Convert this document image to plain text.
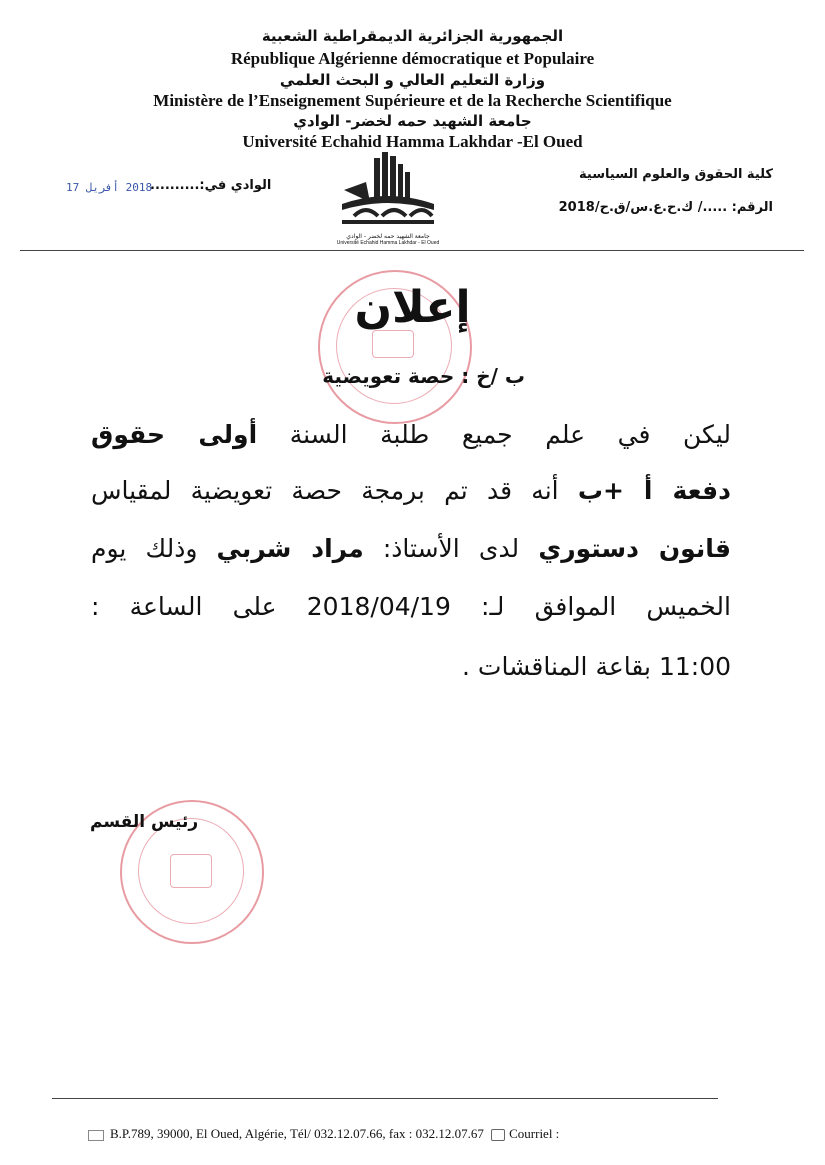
الجمهورية الجزائرية الديمقراطية الشعبية
République Algérienne démocratique et Populaire
وزارة التعليم العالي و البحث العلمي
Ministère de l’Enseignement Supérieure et de la Recherche Scientifique
جامعة الشهيد حمه لخضر- الوادي
Université Echahid Hamma Lakhdar -El Oued
كلية الحقوق والعلوم السياسية
الرقم: ...../ ك.ح.ع.س/ق.ح/2018
الوادي في:..........
2018 أفريل 17
جامعة الشهيد حمه لخضر - الوادي
Université Echahid Hamma Lakhdar - El Oued
إعلان
ب /خ : حصة تعويضية
ليكن في علم جميع طلبة السنة أولى حقوق
دفعة أ +ب أنه قد تم برمجة حصة تعويضية لمقياس
قانون دستوري لدى الأستاذ: مراد شربي وذلك يوم
الخميس الموافق لـ: 2018/04/19 على الساعة :
11:00 بقاعة المناقشات .
رئيس القسم
B.P.789, 39000, El Oued, Algérie, Tél/ 032.12.07.66, fax : 032.12.07.67 Courriel :
